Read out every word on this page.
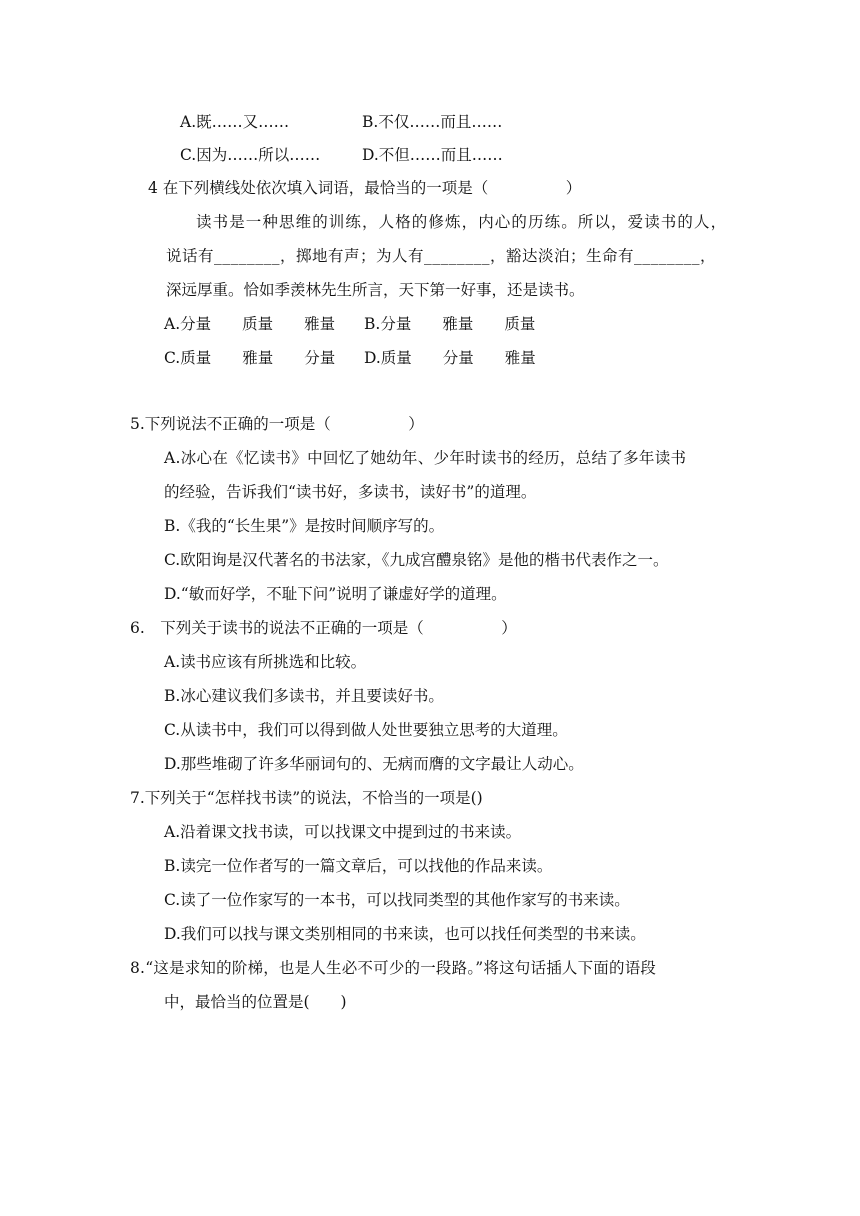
A.既……又……	B.不仅……而且……
C.因为……所以……	D.不但……而且……
4 在下列横线处依次填入词语，最恰当的一项是（　　　　　）
读书是一种思维的训练，人格的修炼，内心的历练。所以，爱读书的人，
说话有________，掷地有声；为人有________，豁达淡泊；生命有________，
深远厚重。恰如季羡林先生所言，天下第一好事，还是读书。
A.分量　　质量　　雅量 B.分量　　雅量　　质量
C.质量　　雅量　　分量 D.质量　　分量　　雅量
5.下列说法不正确的一项是（　　　　　）
A.冰心在《忆读书》中回忆了她幼年、少年时读书的经历，总结了多年读书
的经验，告诉我们“读书好，多读书，读好书”的道理。
B.《我的“长生果”》是按时间顺序写的。
C.欧阳询是汉代著名的书法家，《九成宫醴泉铭》是他的楷书代表作之一。
D.“敏而好学，不耻下问”说明了谦虚好学的道理。
6.　下列关于读书的说法不正确的一项是（　　　　　）
A.读书应该有所挑选和比较。
B.冰心建议我们多读书，并且要读好书。
C.从读书中，我们可以得到做人处世要独立思考的大道理。
D.那些堆砌了许多华丽词句的、无病而膺的文字最让人动心。
7.下列关于“怎样找书读”的说法，不恰当的一项是()
A.沿着课文找书读，可以找课文中提到过的书来读。
B.读完一位作者写的一篇文章后，可以找他的作品来读。
C.读了一位作家写的一本书，可以找同类型的其他作家写的书来读。
D.我们可以找与课文类别相同的书来读，也可以找任何类型的书来读。
8.“这是求知的阶梯，也是人生必不可少的一段路。”将这句话插人下面的语段
中，最恰当的位置是(　　)
